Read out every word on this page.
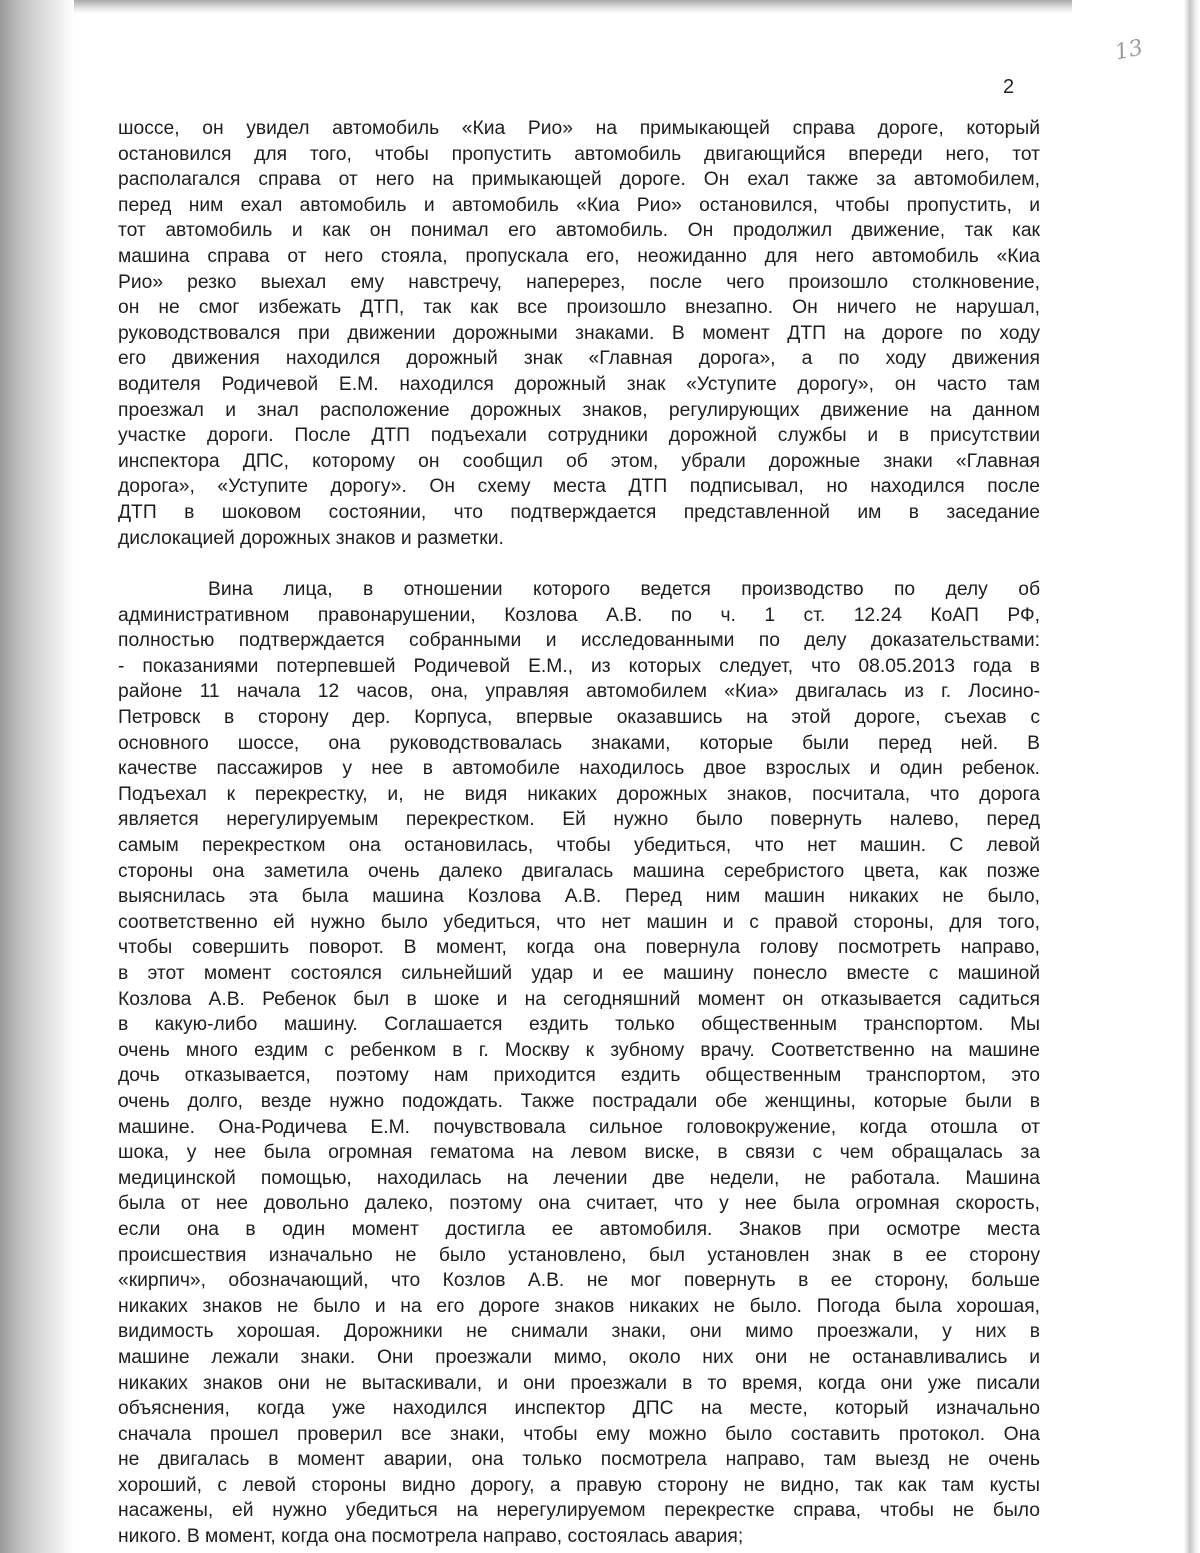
13
2
шоссе, он увидел автомобиль «Киа Рио» на примыкающей справа дороге, который
остановился для того, чтобы пропустить автомобиль двигающийся впереди него, тот
располагался справа от него на примыкающей дороге. Он ехал также за автомобилем,
перед ним ехал автомобиль и автомобиль «Киа Рио» остановился, чтобы пропустить, и
тот автомобиль и как он понимал его автомобиль. Он продолжил движение, так как
машина справа от него стояла, пропускала его, неожиданно для него автомобиль «Киа
Рио» резко выехал ему навстречу, наперерез, после чего произошло столкновение,
он не смог избежать ДТП, так как все произошло внезапно. Он ничего не нарушал,
руководствовался при движении дорожными знаками. В момент ДТП на дороге по ходу
его движения находился дорожный знак «Главная дорога», а по ходу движения
водителя Родичевой Е.М. находился дорожный знак «Уступите дорогу», он часто там
проезжал и знал расположение дорожных знаков, регулирующих движение на данном
участке дороги. После ДТП подъехали сотрудники дорожной службы и в присутствии
инспектора ДПС, которому он сообщил об этом, убрали дорожные знаки «Главная
дорога», «Уступите дорогу». Он схему места ДТП подписывал, но находился после
ДТП в шоковом состоянии, что подтверждается представленной им в заседание
дислокацией дорожных знаков и разметки.
Вина лица, в отношении которого ведется производство по делу об
административном правонарушении, Козлова А.В. по ч. 1 ст. 12.24 КоАП РФ,
полностью подтверждается собранными и исследованными по делу доказательствами:
- показаниями потерпевшей Родичевой Е.М., из которых следует, что 08.05.2013 года в
районе 11 начала 12 часов, она, управляя автомобилем «Киа» двигалась из г. Лосино-
Петровск в сторону дер. Корпуса, впервые оказавшись на этой дороге, съехав с
основного шоссе, она руководствовалась знаками, которые были перед ней. В
качестве пассажиров у нее в автомобиле находилось двое взрослых и один ребенок.
Подъехал к перекрестку, и, не видя никаких дорожных знаков, посчитала, что дорога
является нерегулируемым перекрестком. Ей нужно было повернуть налево, перед
самым перекрестком она остановилась, чтобы убедиться, что нет машин. С левой
стороны она заметила очень далеко двигалась машина серебристого цвета, как позже
выяснилась эта была машина Козлова А.В. Перед ним машин никаких не было,
соответственно ей нужно было убедиться, что нет машин и с правой стороны, для того,
чтобы совершить поворот. В момент, когда она повернула голову посмотреть направо,
в этот момент состоялся сильнейший удар и ее машину понесло вместе с машиной
Козлова А.В. Ребенок был в шоке и на сегодняшний момент он отказывается садиться
в какую-либо машину. Соглашается ездить только общественным транспортом. Мы
очень много ездим с ребенком в г. Москву к зубному врачу. Соответственно на машине
дочь отказывается, поэтому нам приходится ездить общественным транспортом, это
очень долго, везде нужно подождать. Также пострадали обе женщины, которые были в
машине. Она-Родичева Е.М. почувствовала сильное головокружение, когда отошла от
шока, у нее была огромная гематома на левом виске, в связи с чем обращалась за
медицинской помощью, находилась на лечении две недели, не работала. Машина
была от нее довольно далеко, поэтому она считает, что у нее была огромная скорость,
если она в один момент достигла ее автомобиля. Знаков при осмотре места
происшествия изначально не было установлено, был установлен знак в ее сторону
«кирпич», обозначающий, что Козлов А.В. не мог повернуть в ее сторону, больше
никаких знаков не было и на его дороге знаков никаких не было. Погода была хорошая,
видимость хорошая. Дорожники не снимали знаки, они мимо проезжали, у них в
машине лежали знаки. Они проезжали мимо, около них они не останавливались и
никаких знаков они не вытаскивали, и они проезжали в то время, когда они уже писали
объяснения, когда уже находился инспектор ДПС на месте, который изначально
сначала прошел проверил все знаки, чтобы ему можно было составить протокол. Она
не двигалась в момент аварии, она только посмотрела направо, там выезд не очень
хороший, с левой стороны видно дорогу, а правую сторону не видно, так как там кусты
насажены, ей нужно убедиться на нерегулируемом перекрестке справа, чтобы не было
никого. В момент, когда она посмотрела направо, состоялась авария;
